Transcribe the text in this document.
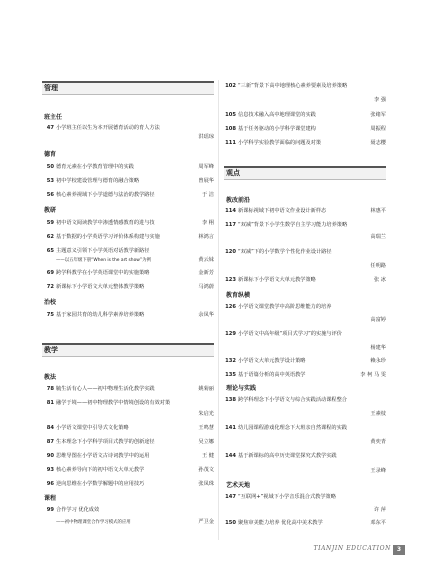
管理
班主任
47 小学班主任以生为本开展德育活动的育人方法
洪瑶琼
德育
50 德育元素在小学教育管理中的实践	周军峰
53 初中学校建设管理与德育的融合策略	曾展华
56 核心素养视域下小学道德与法治的教学路径	于 洁
教研
59 初中语文阅读教学中渗透情感教育的进与技	李 栩
62 基于数据的小学英语学习评价体系构建与实施	林鸿言
65 主题意义引领下小学英语对话教学新路径
——以五年级下册“When is the art show”为例	黄云妹
69 跨学科教学在小学英语课堂中的实施策略	金新芳
72 新课标下小学语文大单元整体教学策略	马鸿蔚
治校
75 基于家园共育的幼儿科学素养培养策略	余凤华
教学
教法
78 毓生活有心人——初中物理生活化教学实践	姚菊丽
81 融学于境——初中物理教学中情境创设的有效对策
朱启光
84 小学语文课堂中引导式文化策略	王鸣慧
87 生本理念下小学科学项目式教学的创新途径	吴立娜
90 思维导图在小学语文古诗词教学中的运用	王 健
93 核心素养导向下的初中语文大单元教学	孙茂文
96 逆向思维在小学数学解题中的应用技巧	张凤珠
课程
99 合作学习 优化成效
——初中物理课堂合作学习模式的应用	严卫金
102 “三新”背景下高中地理核心素养要素及培养策略
李 强
105 信息技术融入高中地理课堂的实践	张绪军
108 基于任务驱动的小学科学课堂建构	周振程
111 小学科学实验教学面临的问题及对策	聂志樱
观点
教改前沿
114 新课标视域下初中语文作业设计新样态	林惠平
117 “双减”背景下小学生数学自主学习能力培养策略
高瑞兰
120 “双减”下的小学数学个性化作业设计路径
任明路
123 新课标下小学语文大单元教学策略	张 冰
教育纵横
126 小学语文课堂教学中高阶思维能力的培养
高富婷
129 小学语文中高年级“项目式学习”的实施与评价
杨建华
132 小学语文大单元教学设计策略	赖永珍
135 基于语篇分析的高中英语教学	李 柯 马 雯
理论与实践
138 跨学科理念下小学语文与综合实践活动课程整合
王素枝
141 幼儿园课程游戏化理念下大班亲自然课程的实践
黄奕青
144 基于新课标的高中历史课堂探究式教学实践
王录峰
艺术天地
147 “互联网+”视域下小学音乐混合式教学策略
许 萍
150 聚焦审美能力培养 优化高中美术教学	邓东平
TIANJIN EDUCATION 3
